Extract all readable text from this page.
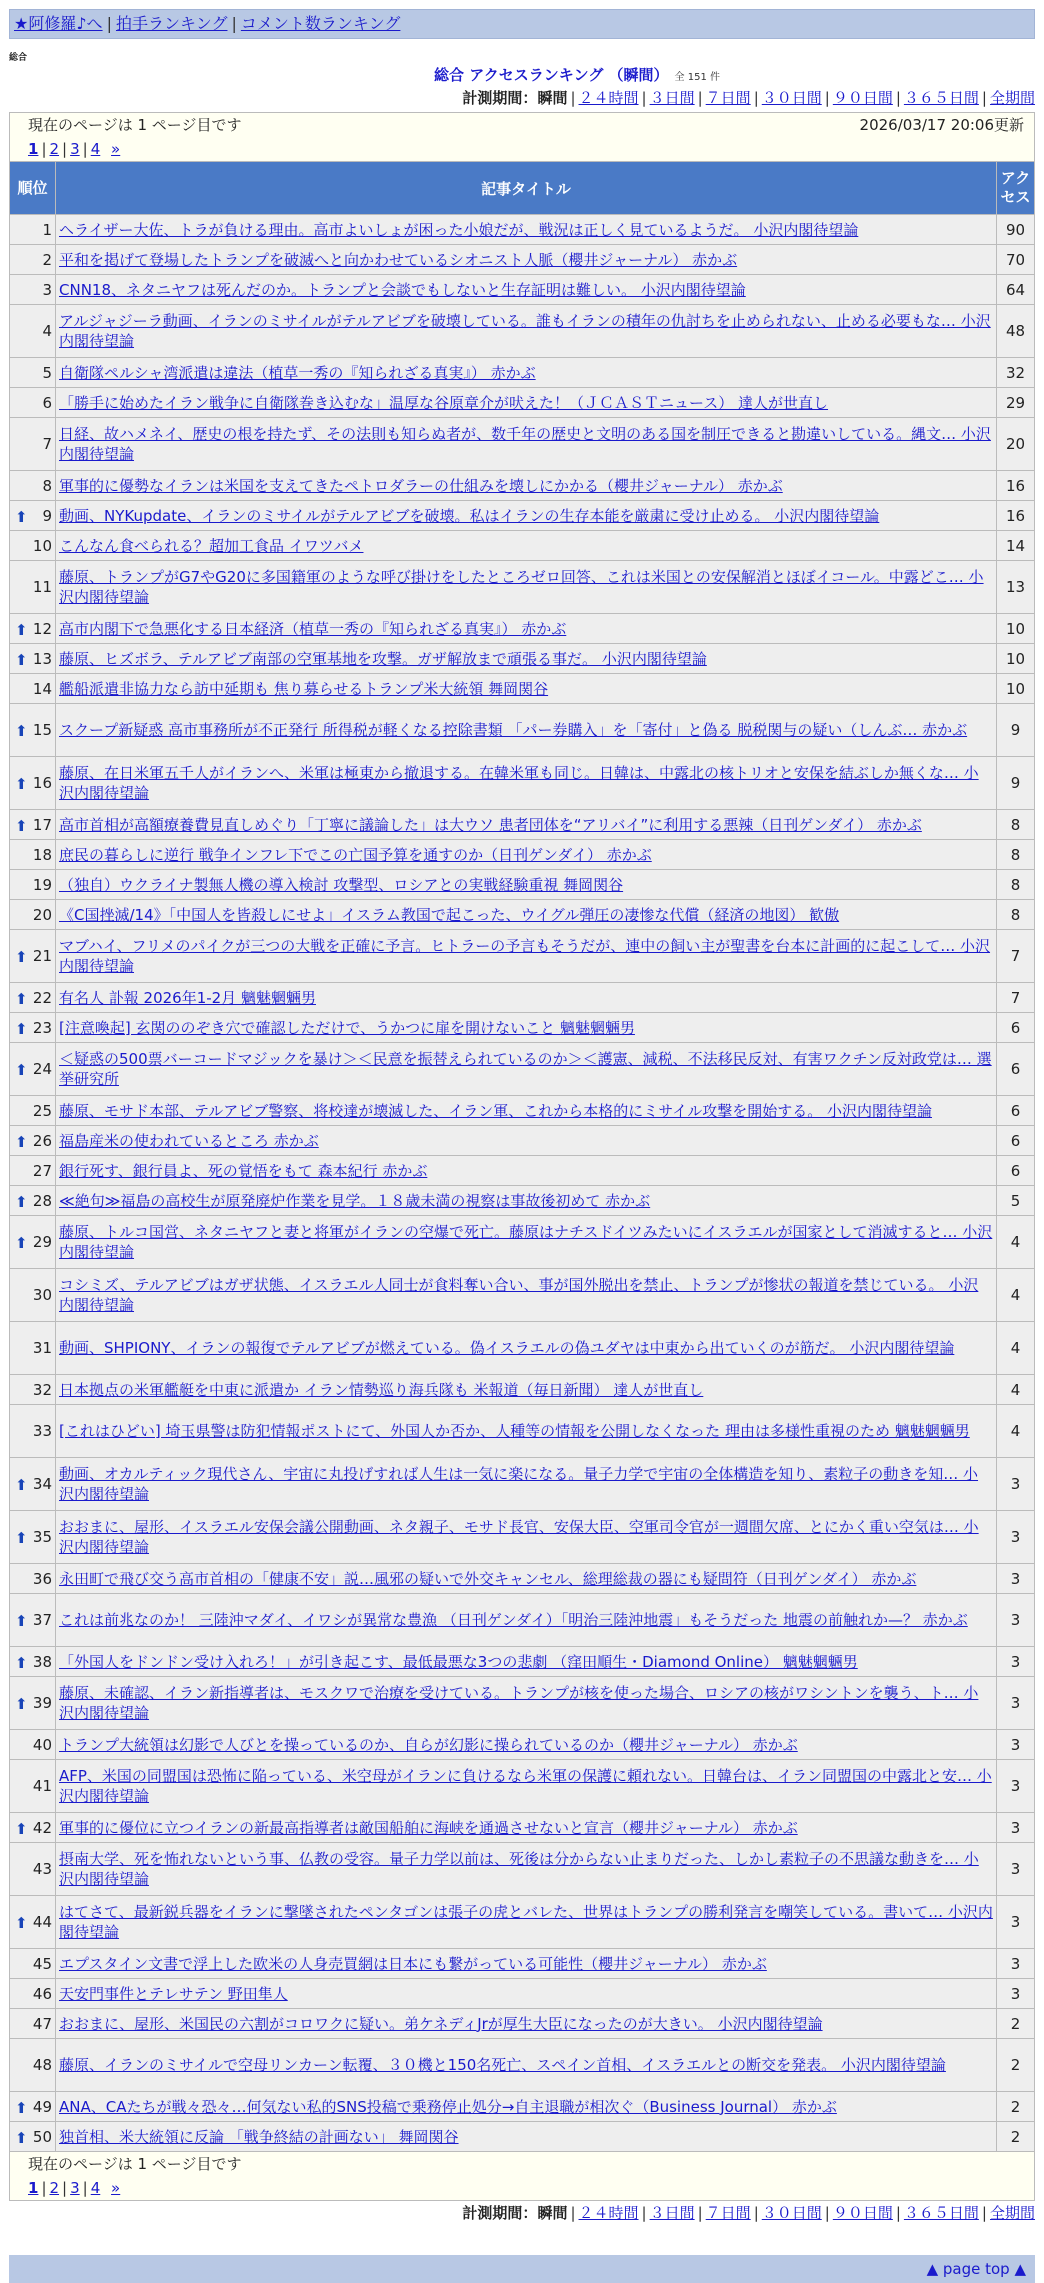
★阿修羅♪へ | 拍手ランキング | コメント数ランキング
総合
総合 アクセスランキング （瞬間） 全 151 件
計測期間：瞬間 | ２４時間 | ３日間 | ７日間 | ３０日間 | ９０日間 | ３６５日間 | 全期間
現在のページは 1 ページ目です 2026/03/17 20:06更新
1 | 2 | 3 | 4 »		

順位	記事タイトル	アクセス
1	ヘライザー大佐、トラが負ける理由。高市よいしょが困った小娘だが、戦況は正しく見ているようだ。 小沢内閣待望論	90
2	平和を掲げて登場したトランプを破滅へと向かわせているシオニスト人脈（櫻井ジャーナル） 赤かぶ	70
3	CNN18、ネタニヤフは死んだのか。トランプと会談でもしないと生存証明は難しい。 小沢内閣待望論	64
4	アルジャジーラ動画、イランのミサイルがテルアビブを破壊している。誰もイランの積年の仇討ちを止められない、止める必要もな… 小沢内閣待望論	48
5	自衛隊ペルシャ湾派遣は違法（植草一秀の『知られざる真実』） 赤かぶ	32
6	「勝手に始めたイラン戦争に自衛隊巻き込むな」温厚な谷原章介が吠えた！（ＪＣＡＳＴニュース） 達人が世直し	29
7	日経、故ハメネイ、歴史の根を持たず、その法則も知らぬ者が、数千年の歴史と文明のある国を制圧できると勘違いしている。縄文… 小沢内閣待望論	20
8	軍事的に優勢なイランは米国を支えてきたペトロダラーの仕組みを壊しにかかる（櫻井ジャーナル） 赤かぶ	16

⬆ 9	動画、NYKupdate、イランのミサイルがテルアビブを破壊。私はイランの生存本能を厳粛に受け止める。 小沢内閣待望論	16
10	こんなん食べられる？超加工食品 イワツバメ	14
11	藤原、トランプがG7やG20に多国籍軍のような呼び掛けをしたところゼロ回答、これは米国との安保解消とほぼイコール。中露どこ… 小沢内閣待望論	13

⬆ 12	高市内閣下で急悪化する日本経済（植草一秀の『知られざる真実』） 赤かぶ	10

⬆ 13	藤原、ヒズボラ、テルアビブ南部の空軍基地を攻撃。ガザ解放まで頑張る事だ。 小沢内閣待望論	10
14	艦船派遣非協力なら訪中延期も 焦り募らせるトランプ米大統領 舞岡関谷	10

⬆ 15	スクープ新疑惑 高市事務所が不正発行 所得税が軽くなる控除書類 「パー券購入」を「寄付」と偽る 脱税関与の疑い（しんぶ… 赤かぶ	9

⬆ 16	藤原、在日米軍五千人がイランへ、米軍は極東から撤退する。在韓米軍も同じ。日韓は、中露北の核トリオと安保を結ぶしか無くな… 小沢内閣待望論	9

⬆ 17	高市首相が高額療養費見直しめぐり「丁寧に議論した」は大ウソ 患者団体を“アリバイ”に利用する悪辣（日刊ゲンダイ） 赤かぶ	8
18	庶民の暮らしに逆行 戦争インフレ下でこの亡国予算を通すのか（日刊ゲンダイ） 赤かぶ	8
19	（独自）ウクライナ製無人機の導入検討 攻撃型、ロシアとの実戦経験重視 舞岡関谷	8
20	《C国挫滅/14》「中国人を皆殺しにせよ」イスラム教国で起こった、ウイグル弾圧の凄惨な代償（経済の地図） 歓傲	8

⬆ 21	マブハイ、フリメのパイクが三つの大戦を正確に予言。ヒトラーの予言もそうだが、連中の飼い主が聖書を台本に計画的に起こして… 小沢内閣待望論	7

⬆ 22	有名人 訃報 2026年1-2月 魑魅魍魎男	7

⬆ 23	[注意喚起] 玄関ののぞき穴で確認しただけで、うかつに扉を開けないこと 魑魅魍魎男	6

⬆ 24	＜疑惑の500票バーコードマジックを暴け＞＜民意を振替えられているのか＞＜護憲、減税、不法移民反対、有害ワクチン反対政党は… 選挙研究所	6
25	藤原、モサド本部、テルアビブ警察、将校達が壊滅した、イラン軍、これから本格的にミサイル攻撃を開始する。 小沢内閣待望論	6

⬆ 26	福島産米の使われているところ 赤かぶ	6
27	銀行死す、銀行員よ、死の覚悟をもて 森本紀行 赤かぶ	6

⬆ 28	≪絶句≫福島の高校生が原発廃炉作業を見学。１８歳未満の視察は事故後初めて 赤かぶ	5

⬆ 29	藤原、トルコ国営、ネタニヤフと妻と将軍がイランの空爆で死亡。藤原はナチスドイツみたいにイスラエルが国家として消滅すると… 小沢内閣待望論	4
30	コシミズ、テルアビブはガザ状態、イスラエル人同士が食料奪い合い、事が国外脱出を禁止、トランプが惨状の報道を禁じている。 小沢内閣待望論	4
31	動画、SHPIONY、イランの報復でテルアビブが燃えている。偽イスラエルの偽ユダヤは中東から出ていくのが筋だ。 小沢内閣待望論	4
32	日本拠点の米軍艦艇を中東に派遣か イラン情勢巡り海兵隊も 米報道（毎日新聞） 達人が世直し	4
33	[これはひどい] 埼玉県警は防犯情報ポストにて、外国人か否か、人種等の情報を公開しなくなった 理由は多様性重視のため 魑魅魍魎男	4

⬆ 34	動画、オカルティック現代さん、宇宙に丸投げすれば人生は一気に楽になる。量子力学で宇宙の全体構造を知り、素粒子の動きを知… 小沢内閣待望論	3

⬆ 35	おおまに、屋形、イスラエル安保会議公開動画、ネタ親子、モサド長官、安保大臣、空軍司令官が一週間欠席、とにかく重い空気は… 小沢内閣待望論	3
36	永田町で飛び交う高市首相の「健康不安」説…風邪の疑いで外交キャンセル、総理総裁の器にも疑問符（日刊ゲンダイ） 赤かぶ	3

⬆ 37	これは前兆なのか！ 三陸沖マダイ、イワシが異常な豊漁 （日刊ゲンダイ）「明治三陸沖地震」もそうだった 地震の前触れか—？ 赤かぶ	3

⬆ 38	「外国人をドンドン受け入れろ！」が引き起こす、最低最悪な3つの悲劇 （窪田順生・Diamond Online） 魑魅魍魎男	3

⬆ 39	藤原、未確認、イラン新指導者は、モスクワで治療を受けている。トランプが核を使った場合、ロシアの核がワシントンを襲う、ト… 小沢内閣待望論	3
40	トランプ大統領は幻影で人びとを操っているのか、自らが幻影に操られているのか（櫻井ジャーナル） 赤かぶ	3
41	AFP、米国の同盟国は恐怖に陥っている、米空母がイランに負けるなら米軍の保護に頼れない。日韓台は、イラン同盟国の中露北と安… 小沢内閣待望論	3

⬆ 42	軍事的に優位に立つイランの新最高指導者は敵国船舶に海峡を通過させないと宣言（櫻井ジャーナル） 赤かぶ	3
43	摂南大学、死を怖れないという事、仏教の受容。量子力学以前は、死後は分からない止まりだった、しかし素粒子の不思議な動きを… 小沢内閣待望論	3

⬆ 44	はてさて、最新鋭兵器をイランに撃墜されたペンタゴンは張子の虎とバレた、世界はトランプの勝利発言を嘲笑している。書いて… 小沢内閣待望論	3
45	エプスタイン文書で浮上した欧米の人身売買網は日本にも繋がっている可能性（櫻井ジャーナル） 赤かぶ	3
46	天安門事件とテレサテン 野田隼人	3
47	おおまに、屋形、米国民の六割がコロワクに疑い。弟ケネディJrが厚生大臣になったのが大きい。 小沢内閣待望論	2
48	藤原、イランのミサイルで空母リンカーン転覆、３０機と150名死亡、スペイン首相、イスラエルとの断交を発表。 小沢内閣待望論	2

⬆ 49	ANA、CAたちが戦々恐々…何気ない私的SNS投稿で乗務停止処分→自主退職が相次ぐ（Business Journal） 赤かぶ	2

⬆ 50	独首相、米大統領に反論 「戦争終結の計画ない」 舞岡関谷	2

現在のページは 1 ページ目です
1 | 2 | 3 | 4 »		
計測期間：瞬間 | ２４時間 | ３日間 | ７日間 | ３０日間 | ９０日間 | ３６５日間 | 全期間
▲ page top ▲
